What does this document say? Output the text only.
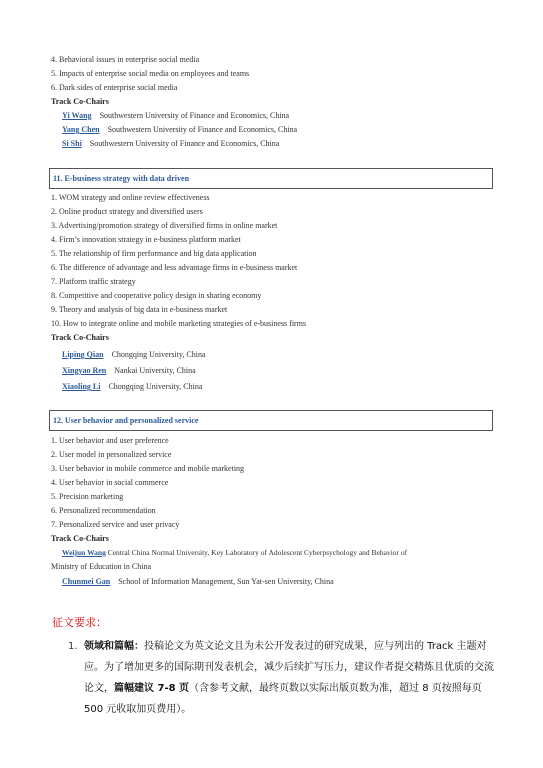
4. Behavioral issues in enterprise social media
5. Impacts of enterprise social media on employees and teams
6. Dark sides of enterprise social media
Track Co-Chairs
Yi Wang Southwestern University of Finance and Economics, China
Yang Chen Southwestern University of Finance and Economics, China
Si Shi Southwestern University of Finance and Economics, China
11. E-business strategy with data driven
1. WOM strategy and online review effectiveness
2. Online product strategy and diversified users
3. Advertising/promotion strategy of diversified firms in online market
4. Firm’s innovation strategy in e-business platform market
5. The relationship of firm performance and big data application
6. The difference of advantage and less advantage firms in e-business market
7. Platform traffic strategy
8. Competitive and cooperative policy design in sharing economy
9. Theory and analysis of big data in e-business market
10. How to integrate online and mobile marketing strategies of e-business firms
Track Co-Chairs
Liping Qian Chongqing University, China
Xingyao Ren Nankai University, China
Xiaoling Li Chongqing University, China
12. User behavior and personalized service
1. User behavior and user preference
2. User model in personalized service
3. User behavior in mobile commerce and mobile marketing
4. User behavior in social commerce
5. Precision marketing
6. Personalized recommendation
7. Personalized service and user privacy
Track Co-Chairs
Weijun Wang Central China Normal University, Key Laboratory of Adolescent Cyberpsychology and Behavior of
Ministry of Education in China
Chunmei Gan School of Information Management, Sun Yat-sen University, China
征文要求：
1. 领域和篇幅：投稿论文为英文论文且为未公开发表过的研究成果，应与列出的 Track 主题对应。为了增加更多的国际期刊发表机会，减少后续扩写压力，建议作者提交精炼且优质的交流论文，篇幅建议 7-8 页（含参考文献，最终页数以实际出版页数为准，超过 8 页按照每页 500 元收取加页费用）。
